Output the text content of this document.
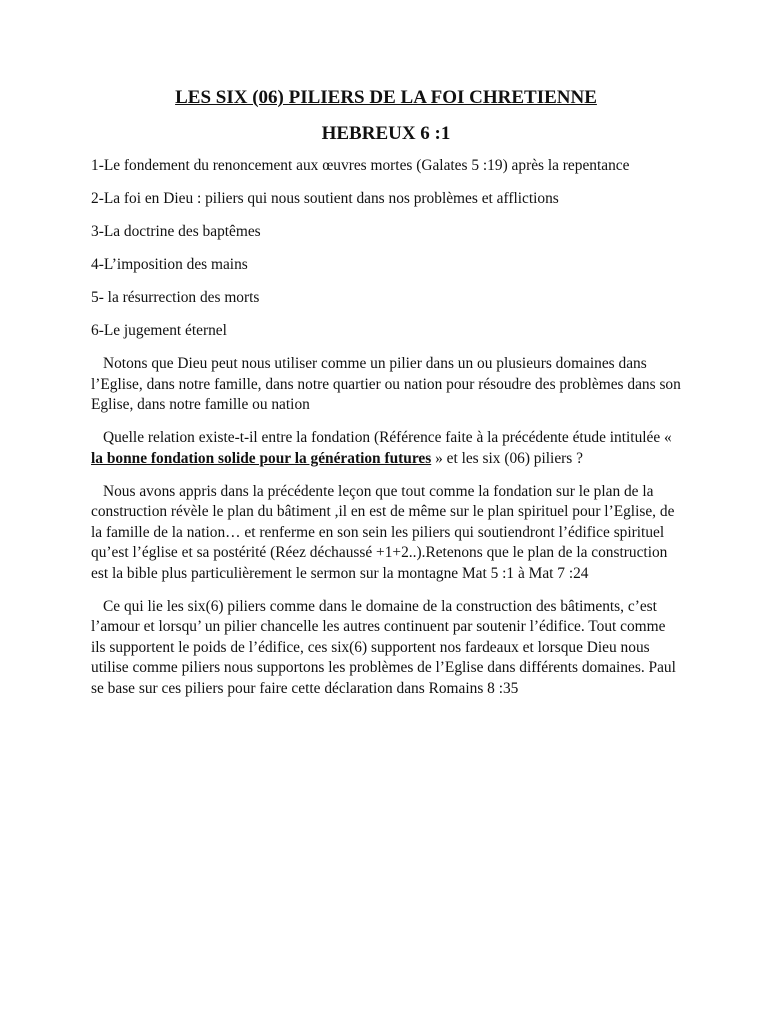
LES SIX (06) PILIERS DE LA FOI CHRETIENNE
HEBREUX 6 :1
1-Le fondement du renoncement aux œuvres mortes (Galates 5 :19) après la repentance
2-La foi en Dieu : piliers qui nous soutient dans nos problèmes et afflictions
3-La doctrine des baptêmes
4-L’imposition des mains
5- la résurrection des morts
6-Le jugement éternel

Notons que Dieu peut nous utiliser comme un pilier dans un ou plusieurs domaines dans l’Eglise, dans notre famille, dans notre quartier ou nation pour résoudre des problèmes dans son Eglise, dans notre famille ou nation

Quelle relation existe-t-il entre la fondation (Référence faite à la précédente étude intitulée « la bonne fondation solide pour la génération futures » et les six (06) piliers ?

Nous avons appris dans la précédente leçon que tout comme la fondation sur le plan de la construction révèle le plan du bâtiment ,il en est de même sur le plan spirituel pour l’Eglise, de la famille de la nation… et renferme en son sein les piliers qui soutiendront l’édifice spirituel qu’est l’église et sa postérité (Réez déchaussé +1+2..).Retenons que le plan de la construction est la bible plus particulièrement le sermon sur la montagne Mat 5 :1 à Mat 7 :24

Ce qui lie les six(6) piliers comme dans le domaine de la construction des bâtiments, c’est l’amour et lorsqu’ un pilier chancelle les autres continuent par soutenir l’édifice. Tout comme ils supportent le poids de l’édifice, ces six(6) supportent nos fardeaux et lorsque Dieu nous utilise comme piliers nous supportons les problèmes de l’Eglise dans différents domaines. Paul se base sur ces piliers pour faire cette déclaration dans Romains 8 :35
